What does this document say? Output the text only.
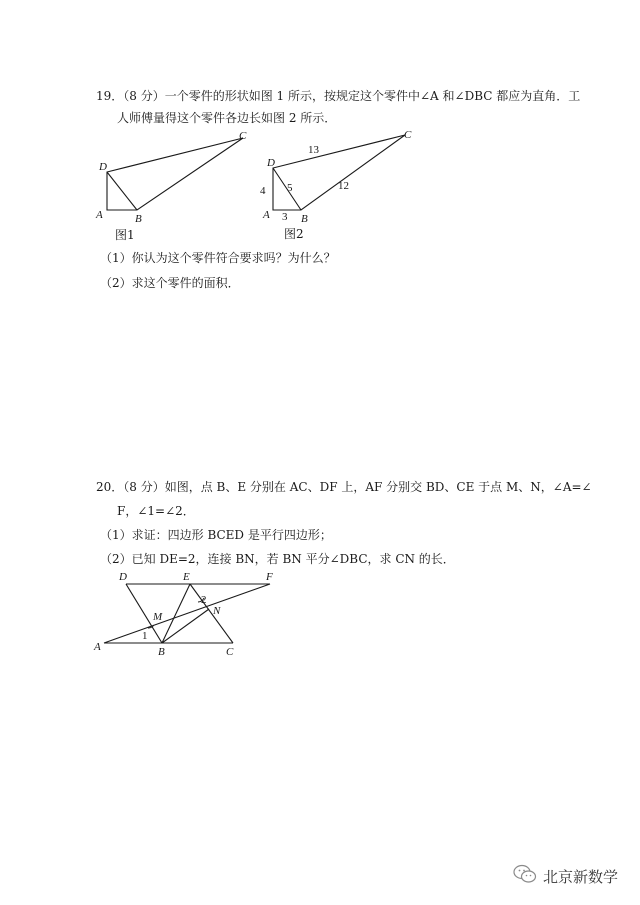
19．（8 分）一个零件的形状如图 1 所示，按规定这个零件中∠A 和∠DBC 都应为直角．工
人师傅量得这个零件各边长如图 2 所示．
D
A	B
C
图1
D
A	B
C
13
4 5	12
3
图2
（1）你认为这个零件符合要求吗？为什么？
（2）求这个零件的面积．
20．（8 分）如图，点 B、E 分别在 AC、DF 上，AF 分别交 BD、CE 于点 M、N，∠A=∠
F，∠1=∠2．
（1）求证：四边形 BCED 是平行四边形；
（2）已知 DE=2，连接 BN，若 BN 平分∠DBC，求 CN 的长．
D	E	F
A	B	C
M	N
1
2
北京新数学
